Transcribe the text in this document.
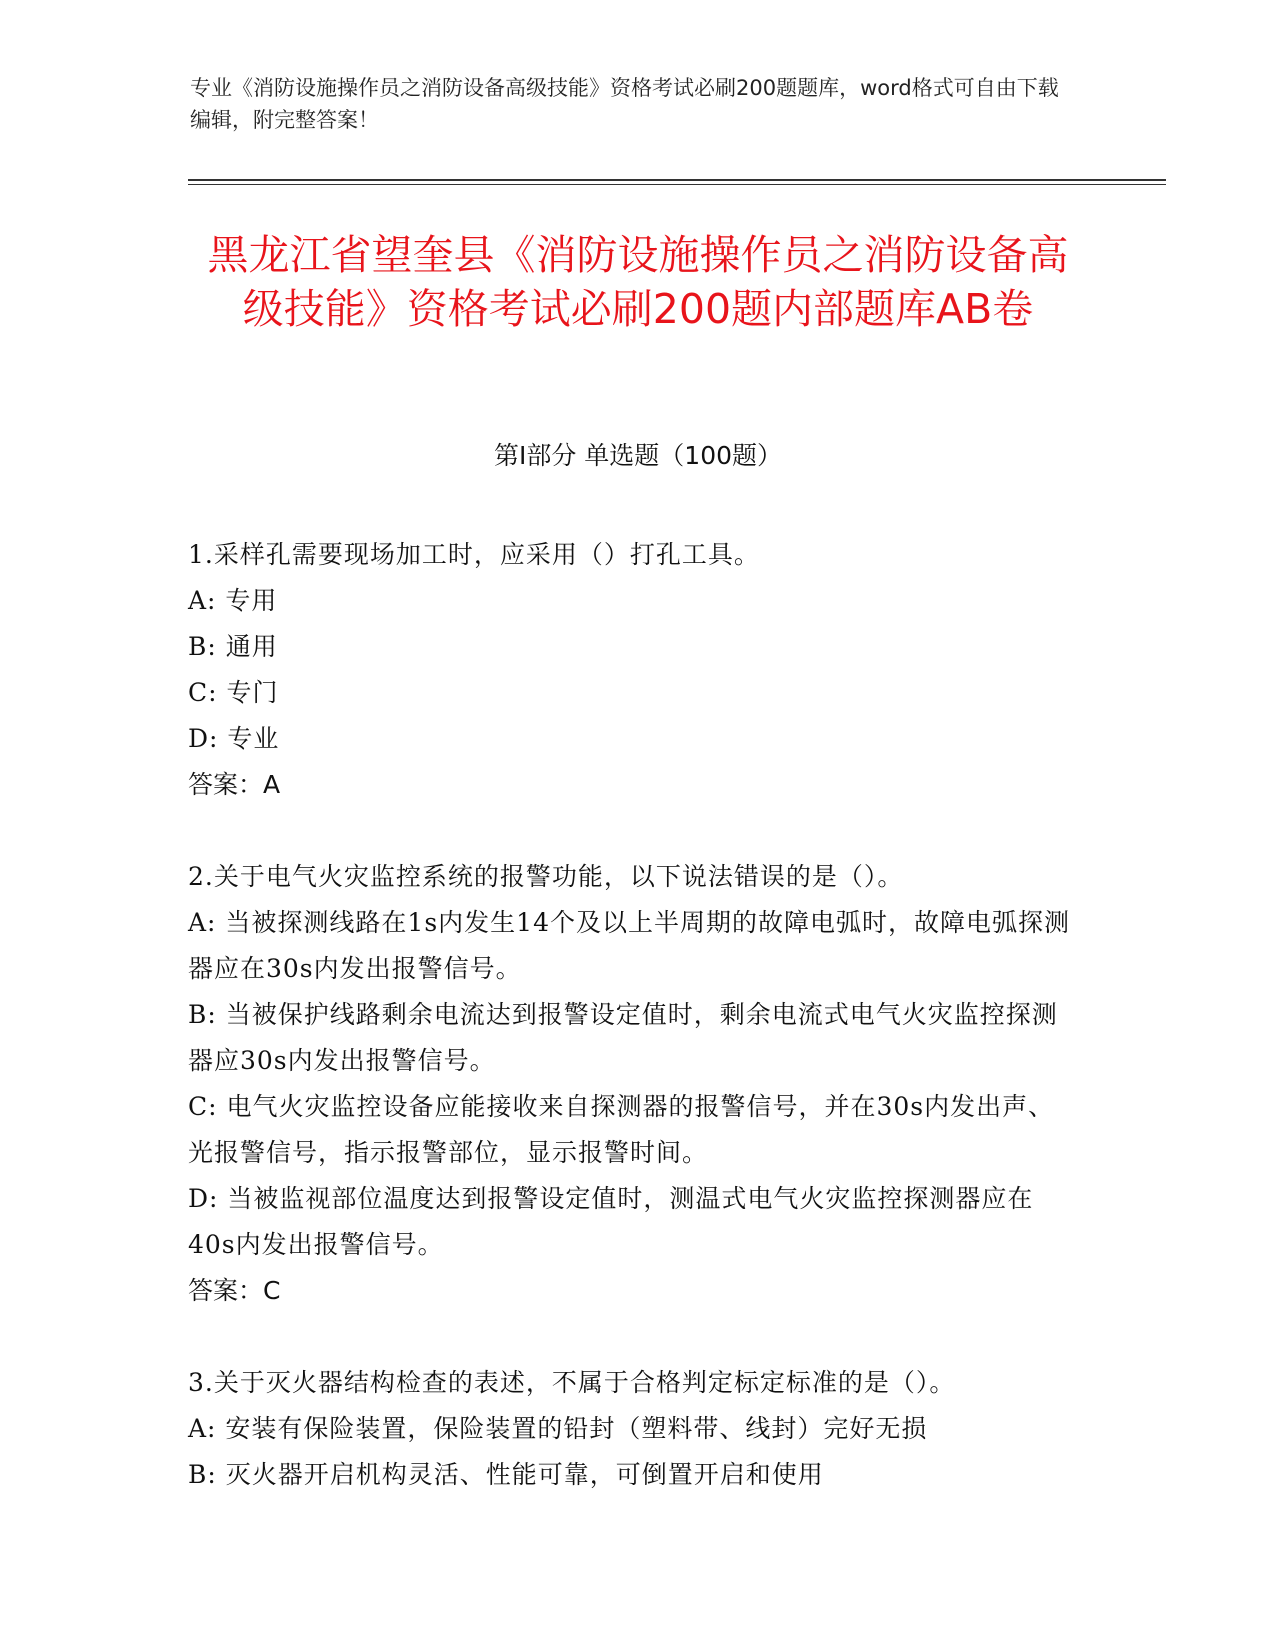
专业《消防设施操作员之消防设备高级技能》资格考试必刷200题题库，word格式可自由下载编辑，附完整答案！
黑龙江省望奎县《消防设施操作员之消防设备高级技能》资格考试必刷200题内部题库AB卷
第Ⅰ部分 单选题（100题）
1.采样孔需要现场加工时，应采用（）打孔工具。
A: 专用
B: 通用
C: 专门
D: 专业
答案：A
2.关于电气火灾监控系统的报警功能，以下说法错误的是（）。
A: 当被探测线路在1s内发生14个及以上半周期的故障电弧时，故障电弧探测器应在30s内发出报警信号。
B: 当被保护线路剩余电流达到报警设定值时，剩余电流式电气火灾监控探测器应30s内发出报警信号。
C: 电气火灾监控设备应能接收来自探测器的报警信号，并在30s内发出声、光报警信号，指示报警部位，显示报警时间。
D: 当被监视部位温度达到报警设定值时，测温式电气火灾监控探测器应在40s内发出报警信号。
答案：C
3.关于灭火器结构检查的表述，不属于合格判定标定标准的是（）。
A: 安装有保险装置，保险装置的铅封（塑料带、线封）完好无损
B: 灭火器开启机构灵活、性能可靠，可倒置开启和使用
